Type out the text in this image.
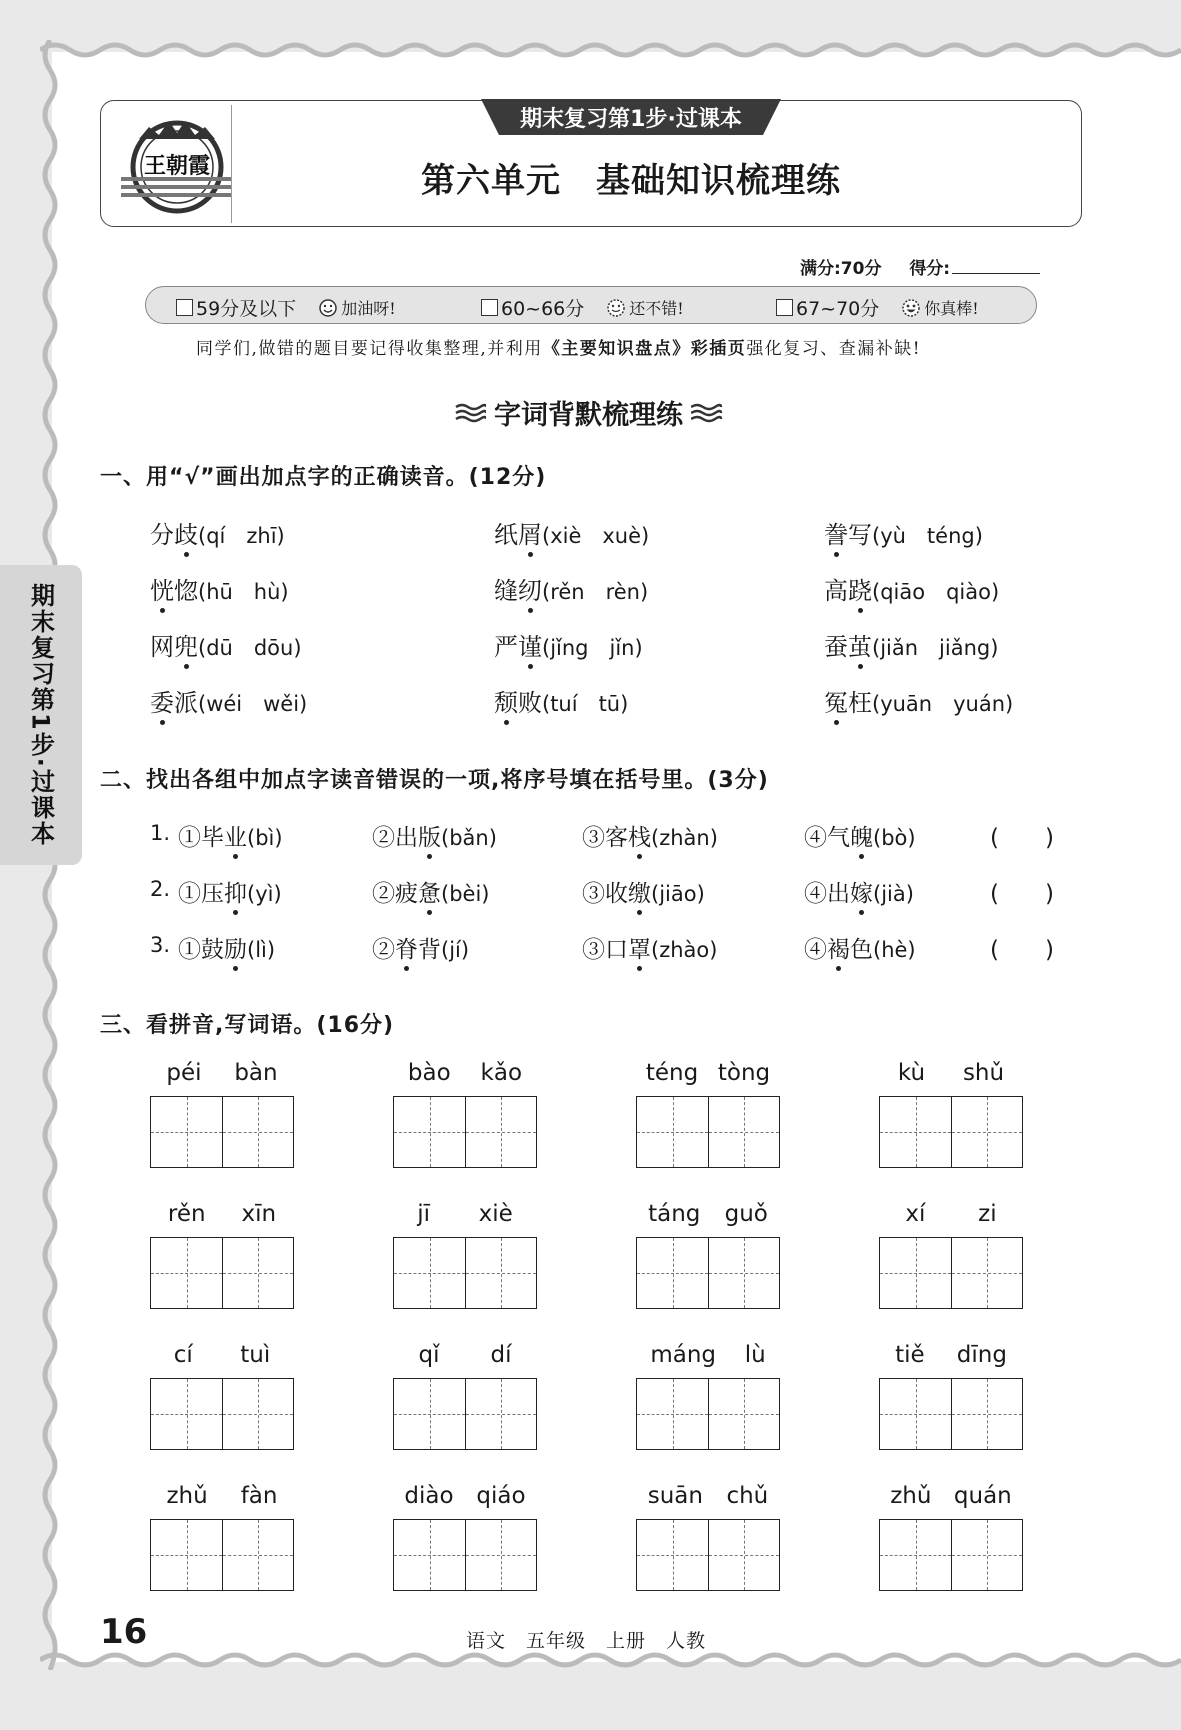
期末复习第1步·过课本
王朝霞
期末复习第1步·过课本
第六单元　基础知识梳理练
满分:70分 得分:
59分及以下	加油呀!	60~66分	还不错!	67~70分	你真棒!
同学们,做错的题目要记得收集整理,并利用《主要知识盘点》彩插页强化复习、查漏补缺!
字词背默梳理练
一、用“√”画出加点字的正确读音。(12分)
分歧(qí　zhī)	纸屑(xiè　xuè)	誊写(yù　téng)
恍惚(hū　hù)	缝纫(rěn　rèn)	高跷(qiāo　qiào)
网兜(dū　dōu)	严谨(jǐng　jǐn)	蚕茧(jiǎn　jiǎng)
委派(wéi　wěi)	颓败(tuí　tū)	冤枉(yuān　yuán)
二、找出各组中加点字读音错误的一项,将序号填在括号里。(3分)
1. ①毕业(bì)	②出版(bǎn)	③客栈(zhàn)	④气魄(bò)	(　　)
2. ①压抑(yì)	②疲惫(bèi)	③收缴(jiāo)	④出嫁(jià)	(　　)
3. ①鼓励(lì)	②脊背(jí)	③口罩(zhào)	④褐色(hè)	(　　)
三、看拼音,写词语。(16分)
péi bàn	bào kǎo	téng tòng	kù shǔ
rěn xīn	jī xiè	táng guǒ	xí zi
cí tuì	qǐ dí	máng lù	tiě dīng
zhǔ fàn	diào qiáo	suān chǔ	zhǔ quán
16	语文　五年级　上册　人教
